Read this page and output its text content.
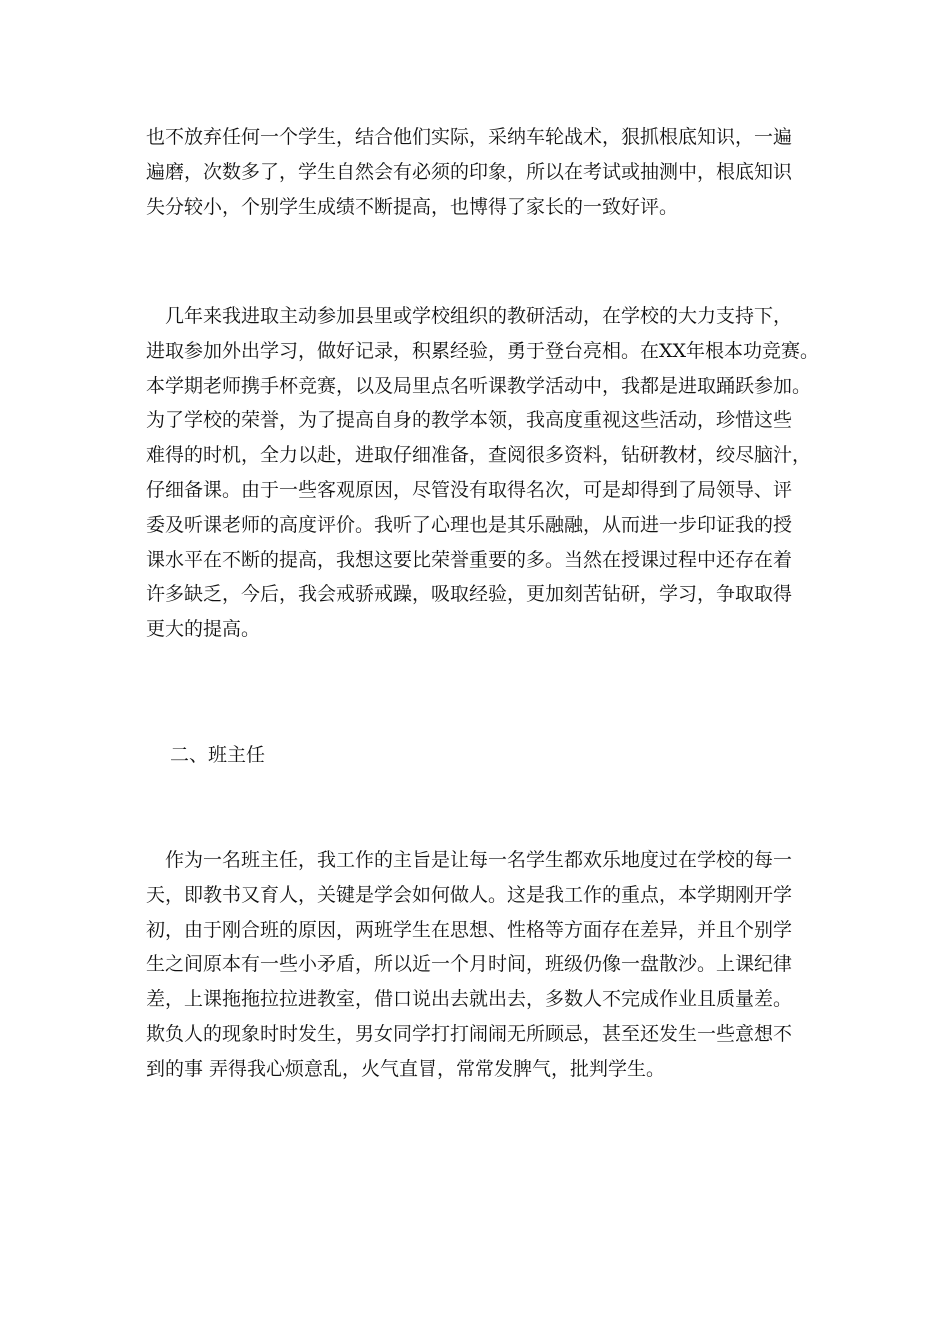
也不放弃任何一个学生，结合他们实际，采纳车轮战术，狠抓根底知识，一遍
遍磨，次数多了，学生自然会有必须的印象，所以在考试或抽测中，根底知识
失分较小，个别学生成绩不断提高，也博得了家长的一致好评。
　几年来我进取主动参加县里或学校组织的教研活动，在学校的大力支持下，
进取参加外出学习，做好记录，积累经验，勇于登台亮相。在XX年根本功竞赛。
本学期老师携手杯竞赛，以及局里点名听课教学活动中，我都是进取踊跃参加。
为了学校的荣誉，为了提高自身的教学本领，我高度重视这些活动，珍惜这些
难得的时机，全力以赴，进取仔细准备，查阅很多资料，钻研教材，绞尽脑汁，
仔细备课。由于一些客观原因，尽管没有取得名次，可是却得到了局领导、评
委及听课老师的高度评价。我听了心理也是其乐融融，从而进一步印证我的授
课水平在不断的提高，我想这要比荣誉重要的多。当然在授课过程中还存在着
许多缺乏，今后，我会戒骄戒躁，吸取经验，更加刻苦钻研，学习，争取取得
更大的提高。
二、班主任
　作为一名班主任，我工作的主旨是让每一名学生都欢乐地度过在学校的每一
天，即教书又育人，关键是学会如何做人。这是我工作的重点，本学期刚开学
初，由于刚合班的原因，两班学生在思想、性格等方面存在差异，并且个别学
生之间原本有一些小矛盾，所以近一个月时间，班级仍像一盘散沙。上课纪律
差，上课拖拖拉拉进教室，借口说出去就出去，多数人不完成作业且质量差。
欺负人的现象时时发生，男女同学打打闹闹无所顾忌，甚至还发生一些意想不
到的事 弄得我心烦意乱，火气直冒，常常发脾气，批判学生。
